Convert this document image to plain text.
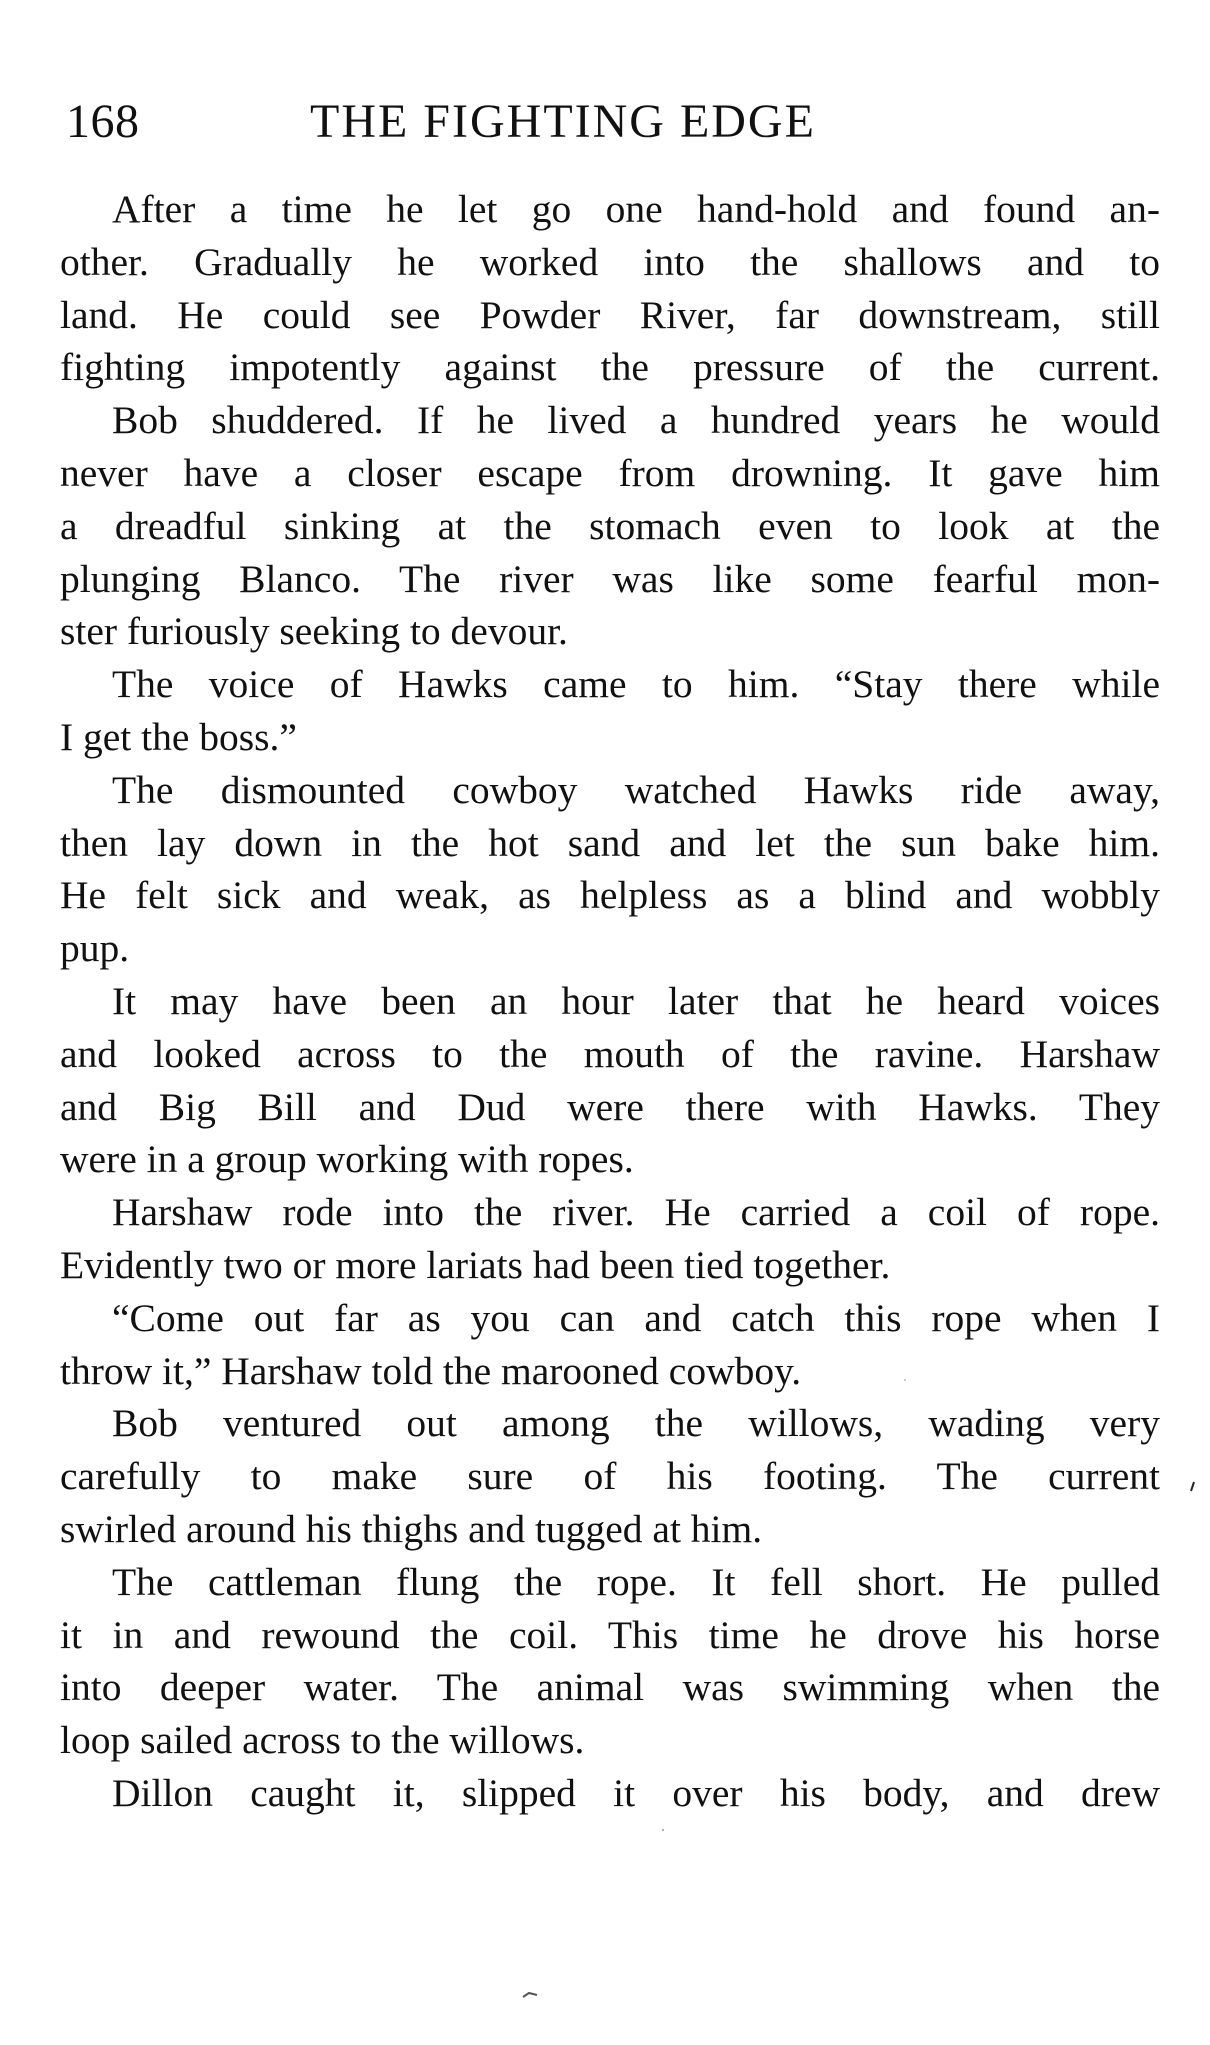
168	THE FIGHTING EDGE
After a time he let go one hand-hold and found an-
other. Gradually he worked into the shallows and to
land. He could see Powder River, far downstream, still
fighting impotently against the pressure of the current.
Bob shuddered. If he lived a hundred years he would
never have a closer escape from drowning. It gave him
a dreadful sinking at the stomach even to look at the
plunging Blanco. The river was like some fearful mon-
ster furiously seeking to devour.
The voice of Hawks came to him. “Stay there while
I get the boss.”
The dismounted cowboy watched Hawks ride away,
then lay down in the hot sand and let the sun bake him.
He felt sick and weak, as helpless as a blind and wobbly
pup.
It may have been an hour later that he heard voices
and looked across to the mouth of the ravine. Harshaw
and Big Bill and Dud were there with Hawks. They
were in a group working with ropes.
Harshaw rode into the river. He carried a coil of rope.
Evidently two or more lariats had been tied together.
“Come out far as you can and catch this rope when I
throw it,” Harshaw told the marooned cowboy.
Bob ventured out among the willows, wading very
carefully to make sure of his footing. The current
swirled around his thighs and tugged at him.
The cattleman flung the rope. It fell short. He pulled
it in and rewound the coil. This time he drove his horse
into deeper water. The animal was swimming when the
loop sailed across to the willows.
Dillon caught it, slipped it over his body, and drew
